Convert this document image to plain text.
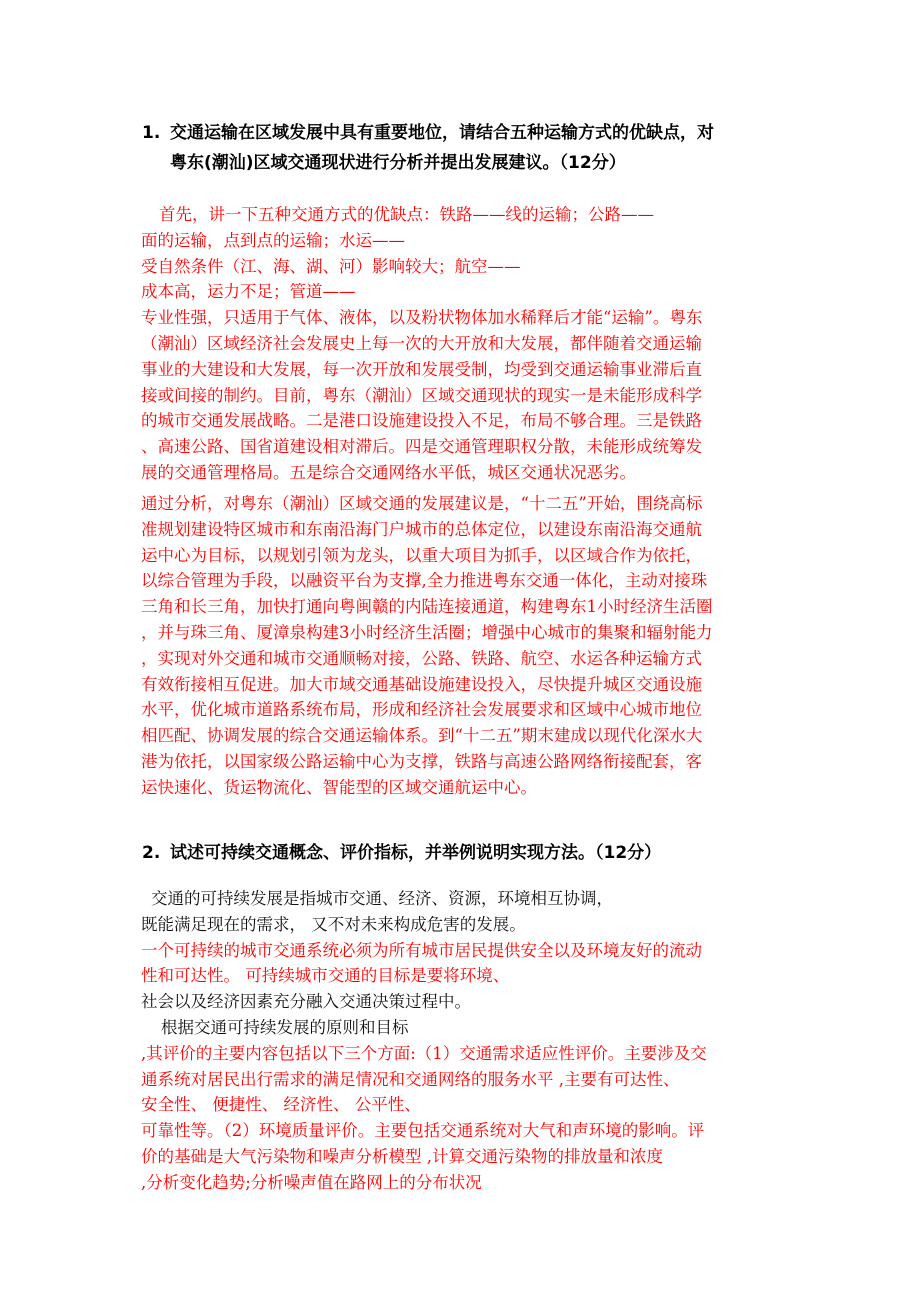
1. 交通运输在区域发展中具有重要地位，请结合五种运输方式的优缺点，对
粤东(潮汕)区域交通现状进行分析并提出发展建议。（12分）
首先，讲一下五种交通方式的优缺点：铁路——线的运输；公路——
面的运输，点到点的运输；水运——
受自然条件（江、海、湖、河）影响较大；航空——
成本高，运力不足；管道——
专业性强，只适用于气体、液体，以及粉状物体加水稀释后才能“运输”。粤东
（潮汕）区域经济社会发展史上每一次的大开放和大发展，都伴随着交通运输
事业的大建设和大发展，每一次开放和发展受制，均受到交通运输事业滞后直
接或间接的制约。目前，粤东（潮汕）区域交通现状的现实一是未能形成科学
的城市交通发展战略。二是港口设施建设投入不足，布局不够合理。三是铁路
、高速公路、国省道建设相对滞后。四是交通管理职权分散，未能形成统筹发
展的交通管理格局。五是综合交通网络水平低，城区交通状况恶劣。
通过分析，对粤东（潮汕）区域交通的发展建议是，“十二五”开始，围绕高标
准规划建设特区城市和东南沿海门户城市的总体定位，以建设东南沿海交通航
运中心为目标，以规划引领为龙头，以重大项目为抓手，以区域合作为依托，
以综合管理为手段，以融资平台为支撑,全力推进粤东交通一体化，主动对接珠
三角和长三角，加快打通向粤闽赣的内陆连接通道，构建粤东1小时经济生活圈
，并与珠三角、厦漳泉构建3小时经济生活圈；增强中心城市的集聚和辐射能力
，实现对外交通和城市交通顺畅对接，公路、铁路、航空、水运各种运输方式
有效衔接相互促进。加大市域交通基础设施建设投入，尽快提升城区交通设施
水平，优化城市道路系统布局，形成和经济社会发展要求和区域中心城市地位
相匹配、协调发展的综合交通运输体系。到“十二五”期末建成以现代化深水大
港为依托，以国家级公路运输中心为支撑，铁路与高速公路网络衔接配套，客
运快速化、货运物流化、智能型的区域交通航运中心。
2. 试述可持续交通概念、评价指标，并举例说明实现方法。（12分）
交通的可持续发展是指城市交通、经济、资源，环境相互协调，
既能满足现在的需求， 又不对未来构成危害的发展。
一个可持续的城市交通系统必须为所有城市居民提供安全以及环境友好的流动
性和可达性。 可持续城市交通的目标是要将环境、
社会以及经济因素充分融入交通决策过程中。
根据交通可持续发展的原则和目标
,其评价的主要内容包括以下三个方面:（1）交通需求适应性评价。主要涉及交
通系统对居民出行需求的满足情况和交通网络的服务水平 ,主要有可达性、
安全性、 便捷性、 经济性、 公平性、
可靠性等。（2）环境质量评价。主要包括交通系统对大气和声环境的影响。评
价的基础是大气污染物和噪声分析模型 ,计算交通污染物的排放量和浓度
,分析变化趋势;分析噪声值在路网上的分布状况
